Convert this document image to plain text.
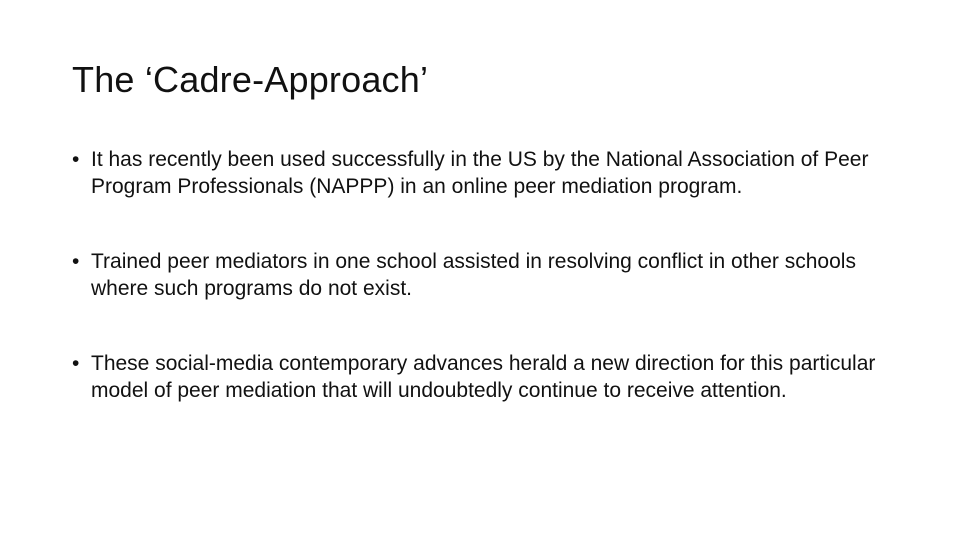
The ‘Cadre-Approach’
• It has recently been used successfully in the US by the National Association of Peer Program Professionals (NAPPP) in an online peer mediation program.
• Trained peer mediators in one school assisted in resolving conflict in other schools where such programs do not exist.
• These social-media contemporary advances herald a new direction for this particular model of peer mediation that will undoubtedly continue to receive attention.
